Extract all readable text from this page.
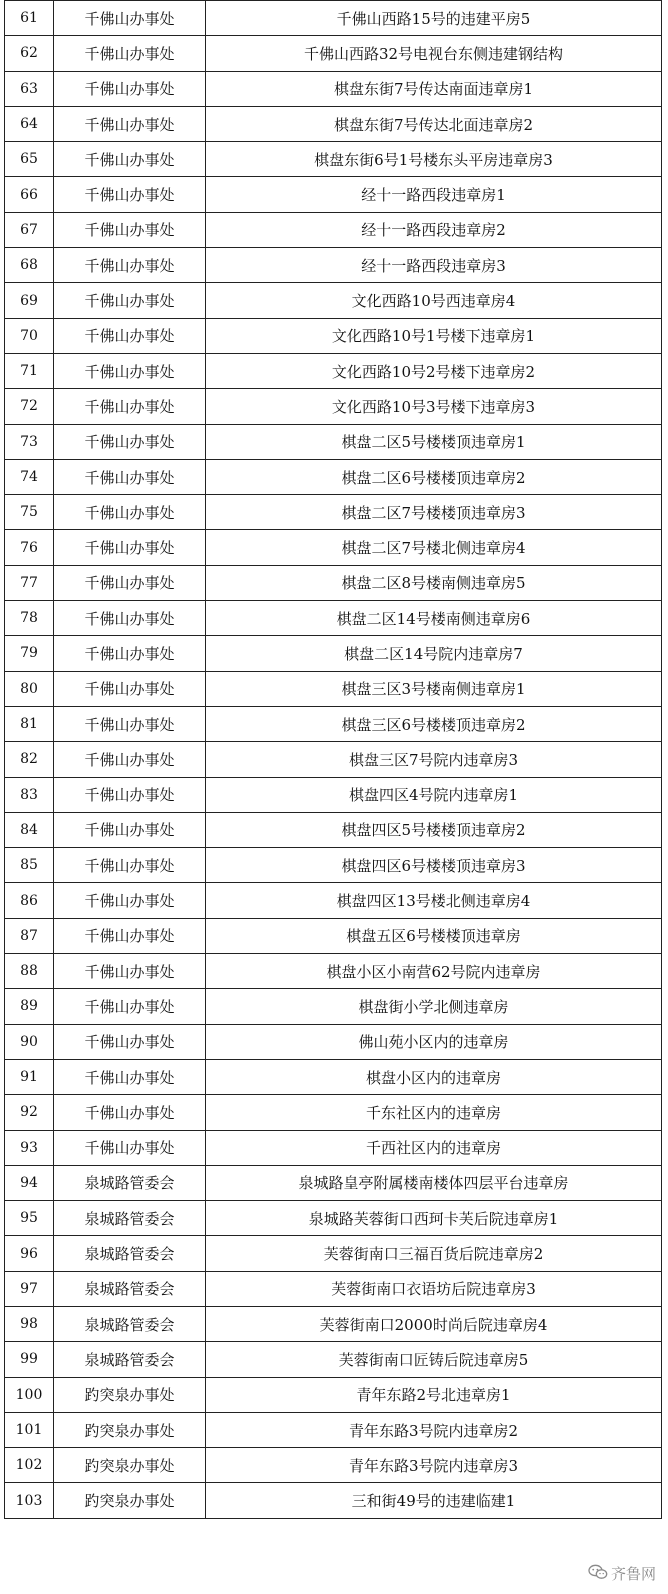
61	千佛山办事处	千佛山西路15号的违建平房5
62	千佛山办事处	千佛山西路32号电视台东侧违建钢结构
63	千佛山办事处	棋盘东街7号传达南面违章房1
64	千佛山办事处	棋盘东街7号传达北面违章房2
65	千佛山办事处	棋盘东街6号1号楼东头平房违章房3
66	千佛山办事处	经十一路西段违章房1
67	千佛山办事处	经十一路西段违章房2
68	千佛山办事处	经十一路西段违章房3
69	千佛山办事处	文化西路10号西违章房4
70	千佛山办事处	文化西路10号1号楼下违章房1
71	千佛山办事处	文化西路10号2号楼下违章房2
72	千佛山办事处	文化西路10号3号楼下违章房3
73	千佛山办事处	棋盘二区5号楼楼顶违章房1
74	千佛山办事处	棋盘二区6号楼楼顶违章房2
75	千佛山办事处	棋盘二区7号楼楼顶违章房3
76	千佛山办事处	棋盘二区7号楼北侧违章房4
77	千佛山办事处	棋盘二区8号楼南侧违章房5
78	千佛山办事处	棋盘二区14号楼南侧违章房6
79	千佛山办事处	棋盘二区14号院内违章房7
80	千佛山办事处	棋盘三区3号楼南侧违章房1
81	千佛山办事处	棋盘三区6号楼楼顶违章房2
82	千佛山办事处	棋盘三区7号院内违章房3
83	千佛山办事处	棋盘四区4号院内违章房1
84	千佛山办事处	棋盘四区5号楼楼顶违章房2
85	千佛山办事处	棋盘四区6号楼楼顶违章房3
86	千佛山办事处	棋盘四区13号楼北侧违章房4
87	千佛山办事处	棋盘五区6号楼楼顶违章房
88	千佛山办事处	棋盘小区小南营62号院内违章房
89	千佛山办事处	棋盘街小学北侧违章房
90	千佛山办事处	佛山苑小区内的违章房
91	千佛山办事处	棋盘小区内的违章房
92	千佛山办事处	千东社区内的违章房
93	千佛山办事处	千西社区内的违章房
94	泉城路管委会	泉城路皇亭附属楼南楼体四层平台违章房
95	泉城路管委会	泉城路芙蓉街口西珂卡芙后院违章房1
96	泉城路管委会	芙蓉街南口三福百货后院违章房2
97	泉城路管委会	芙蓉街南口衣语坊后院违章房3
98	泉城路管委会	芙蓉街南口2000时尚后院违章房4
99	泉城路管委会	芙蓉街南口匠铸后院违章房5
100	趵突泉办事处	青年东路2号北违章房1
101	趵突泉办事处	青年东路3号院内违章房2
102	趵突泉办事处	青年东路3号院内违章房3
103	趵突泉办事处	三和街49号的违建临建1
齐鲁网
